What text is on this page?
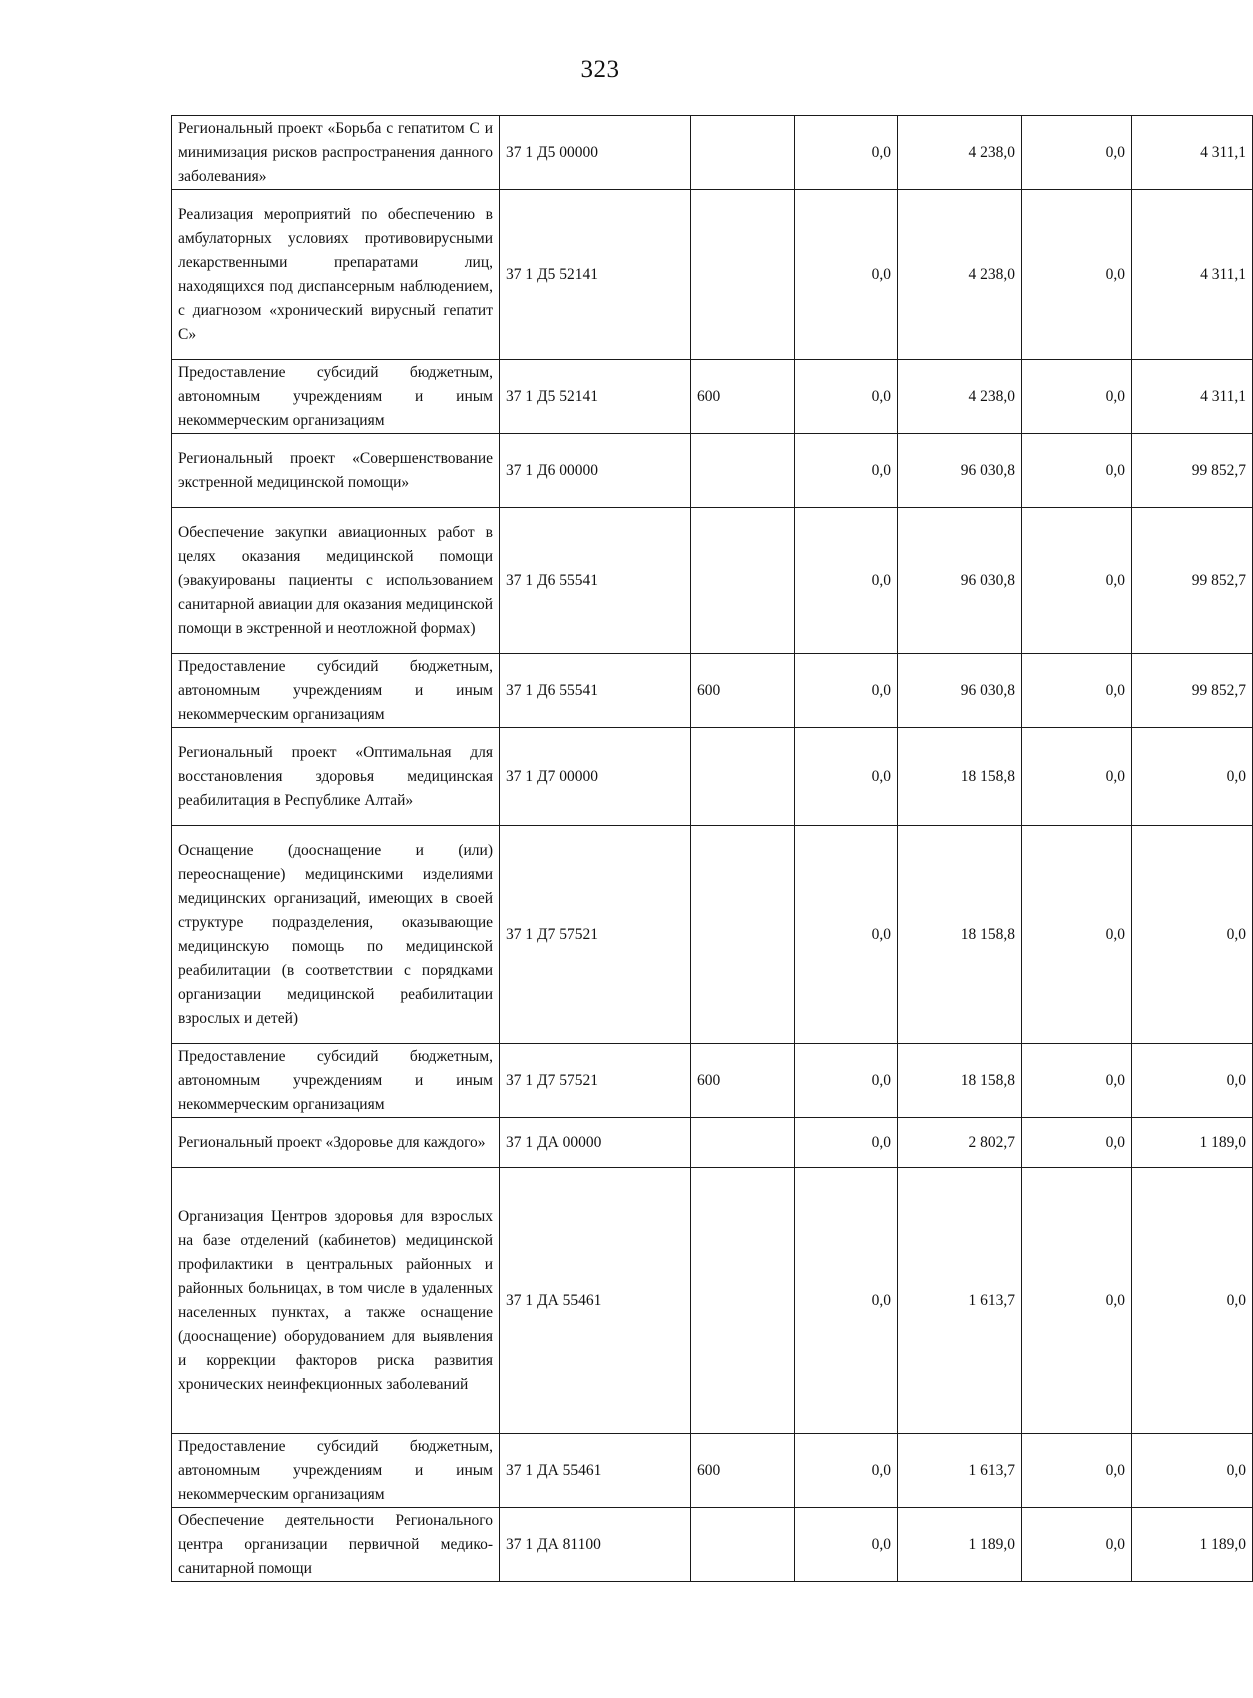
323
Региональный проект «Борьба с гепатитом С и минимизация рисков распространения данного заболевания»	37 1 Д5 00000		0,0	4 238,0	0,0	4 311,1
Реализация мероприятий по обеспечению в амбулаторных условиях противовирусными лекарственными препаратами лиц, находящихся под диспансерным наблюдением, с диагнозом «хронический вирусный гепатит С»	37 1 Д5 52141		0,0	4 238,0	0,0	4 311,1
Предоставление субсидий бюджетным, автономным учреждениям и иным некоммерческим организациям	37 1 Д5 52141	600	0,0	4 238,0	0,0	4 311,1
Региональный проект «Совершенствование экстренной медицинской помощи»	37 1 Д6 00000		0,0	96 030,8	0,0	99 852,7
Обеспечение закупки авиационных работ в целях оказания медицинской помощи (эвакуированы пациенты с использованием санитарной авиации для оказания медицинской помощи в экстренной и неотложной формах)	37 1 Д6 55541		0,0	96 030,8	0,0	99 852,7
Предоставление субсидий бюджетным, автономным учреждениям и иным некоммерческим организациям	37 1 Д6 55541	600	0,0	96 030,8	0,0	99 852,7
Региональный проект «Оптимальная для восстановления здоровья медицинская реабилитация в Республике Алтай»	37 1 Д7 00000		0,0	18 158,8	0,0	0,0
Оснащение (дооснащение и (или) переоснащение) медицинскими изделиями медицинских организаций, имеющих в своей структуре подразделения, оказывающие медицинскую помощь по медицинской реабилитации (в соответствии с порядками организации медицинской реабилитации взрослых и детей)	37 1 Д7 57521		0,0	18 158,8	0,0	0,0
Предоставление субсидий бюджетным, автономным учреждениям и иным некоммерческим организациям	37 1 Д7 57521	600	0,0	18 158,8	0,0	0,0
Региональный проект «Здоровье для каждого»	37 1 ДА 00000		0,0	2 802,7	0,0	1 189,0
Организация Центров здоровья для взрослых на базе отделений (кабинетов) медицинской профилактики в центральных районных и районных больницах, в том числе в удаленных населенных пунктах, а также оснащение (дооснащение) оборудованием для выявления и коррекции факторов риска развития хронических неинфекционных заболеваний	37 1 ДА 55461		0,0	1 613,7	0,0	0,0
Предоставление субсидий бюджетным, автономным учреждениям и иным некоммерческим организациям	37 1 ДА 55461	600	0,0	1 613,7	0,0	0,0
Обеспечение деятельности Регионального центра организации первичной медико-санитарной помощи	37 1 ДА 81100		0,0	1 189,0	0,0	1 189,0
